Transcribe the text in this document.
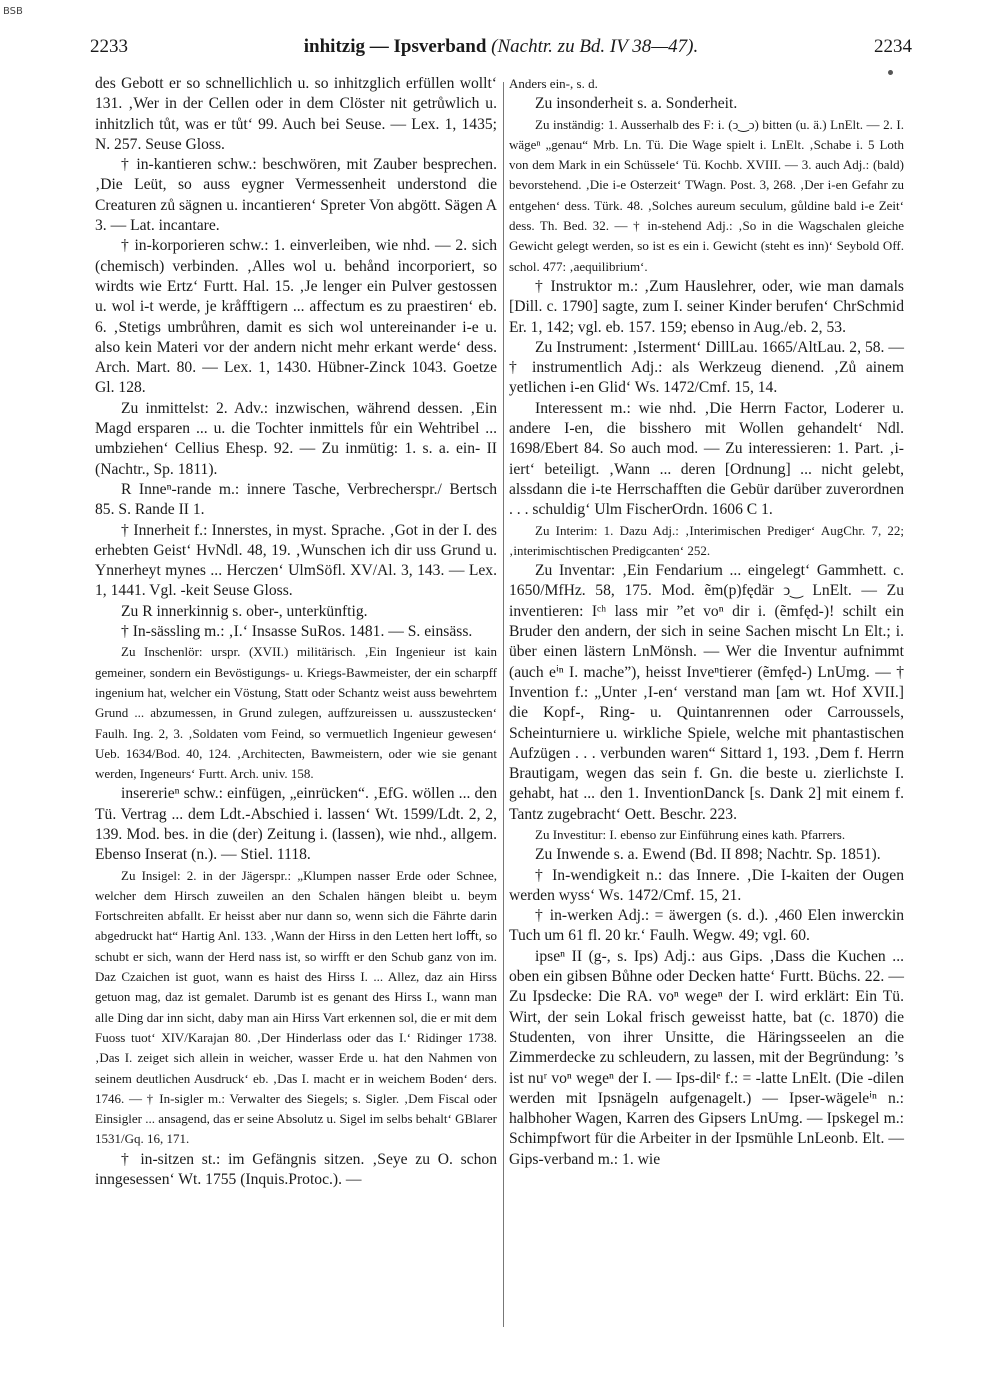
BSB
2233	inhitzig — Ipsverband (Nachtr. zu Bd. IV 38—47).	2234

des Gebott er so schnellichlich u. so inhitzglich erfüllen wollt‘ 131. ‚Wer in der Cellen oder in dem Clöster nit getrůwlich u. inhitzlich tůt, was er tůt‘ 99. Auch bei Seuse. — Lex. 1, 1435; N. 257. Seuse Gloss.

† in-kantieren schw.: beschwören, mit Zauber besprechen. ‚Die Leüt, so auss eygner Vermessenheit understond die Creaturen zů sägnen u. incantieren‘ Spreter Von abgött. Sägen A 3. — Lat. incantare.

† in-korporieren schw.: 1. einverleiben, wie nhd. — 2. sich (chemisch) verbinden. ‚Alles wol u. behånd incorporiert, so wirdts wie Ertz‘ Furtt. Hal. 15. ‚Je lenger ein Pulver gestossen u. wol i-t werde, je kråfftigern ... affectum es zu praestiren‘ eb. 6. ‚Stetigs umbrůhren, damit es sich wol untereinander i-e u. also kein Materi vor der andern nicht mehr erkant werde‘ dess. Arch. Mart. 80. — Lex. 1, 1430. Hübner-Zinck 1043. Goetze Gl. 128.

Zu inmittelst: 2. Adv.: inzwischen, während dessen. ‚Ein Magd ersparen ... u. die Tochter inmittels fůr ein Wehtribel ... umbziehen‘ Cellius Ehesp. 92. — Zu inmütig: 1. s. a. ein- II (Nachtr., Sp. 1811).

R Inneⁿ-rande m.: innere Tasche, Verbrecherspr./ Bertsch 85. S. Rande II 1.

† Innerheit f.: Innerstes, in myst. Sprache. ‚Got in der I. des erhebten Geist‘ HvNdl. 48, 19. ‚Wunschen ich dir uss Grund u. Ynnerheyt mynes ... Herczen‘ UlmSöfl. XV/Al. 3, 143. — Lex. 1, 1441. Vgl. -keit Seuse Gloss.

Zu R innerkinnig s. ober-, unterkünftig.

† In-sässling m.: ‚I.‘ Insasse SuRos. 1481. — S. einsäss.

Zu Inschenlör: urspr. (XVII.) militärisch. ‚Ein Ingenieur ist kain gemeiner, sondern ein Bevöstigungs- u. Kriegs-Bawmeister, der ein scharpff ingenium hat, welcher ein Vöstung, Statt oder Schantz weist auss bewehrtem Grund ... abzumessen, in Grund zulegen, auffzureissen u. ausszustecken‘ Faulh. Ing. 2, 3. ‚Soldaten vom Feind, so vermuetlich Ingenieur gewesen‘ Ueb. 1634/Bod. 40, 124. ‚Architecten, Bawmeistern, oder wie sie genant werden, Ingeneurs‘ Furtt. Arch. univ. 158.

insererieⁿ schw.: einfügen, „einrücken“. ‚EfG. wöllen ... den Tü. Vertrag ... dem Ldt.-Abschied i. lassen‘ Wt. 1599/Ldt. 2, 2, 139. Mod. bes. in die (der) Zeitung i. (lassen), wie nhd., allgem. Ebenso Inserat (n.). — Stiel. 1118.

Zu Insigel: 2. in der Jägerspr.: „Klumpen nasser Erde oder Schnee, welcher dem Hirsch zuweilen an den Schalen hängen bleibt u. beym Fortschreiten abfallt. Er heisst aber nur dann so, wenn sich die Fährte darin abgedruckt hat“ Hartig Anl. 133. ‚Wann der Hirss in den Letten hert loﬀt, so schubt er sich, wann der Herd nass ist, so wirfft er den Schub ganz von im. Daz Czaichen ist guot, wann es haist des Hirss I. ... Allez, daz ain Hirss getuon mag, daz ist gemalet. Darumb ist es genant des Hirss I., wann man alle Ding dar inn sicht, daby man ain Hirss Vart erkennen sol, die er mit dem Fuoss tuot‘ XIV/Karajan 80. ‚Der Hinderlass oder das I.‘ Ridinger 1738. ‚Das I. zeiget sich allein in weicher, wasser Erde u. hat den Nahmen von seinem deutlichen Ausdruck‘ eb. ‚Das I. macht er in weichem Boden‘ ders. 1746. — † In-sigler m.: Verwalter des Siegels; s. Sigler. ‚Dem Fiscal oder Einsigler ... ansagend, das er seine Absolutz u. Sigel im selbs behalt‘ GBlarer 1531/Gq. 16, 171.

† in-sitzen st.: im Gefängnis sitzen. ‚Seye zu O. schon inngesessen‘ Wt. 1755 (Inquis.Protoc.). —

Anders ein-, s. d.

Zu insonderheit s. a. Sonderheit.

Zu inständig: 1. Ausserhalb des F: i. (ↄ‿ↄ) bitten (u. ä.) LnElt. — 2. I. wägeⁿ „genau“ Mrb. Ln. Tü. Die Wage spielt i. LnElt. ‚Schabe i. 5 Loth von dem Mark in ein Schüssele‘ Tü. Kochb. XVIII. — 3. auch Adj.: (bald) bevorstehend. ‚Die i-e Osterzeit‘ TWagn. Post. 3, 268. ‚Der i-en Gefahr zu entgehen‘ dess. Türk. 48. ‚Solches aureum seculum, gůldine bald i-e Zeit‘ dess. Th. Bed. 32. — † in-stehend Adj.: ‚So in die Wagschalen gleiche Gewicht gelegt werden, so ist es ein i. Gewicht (steht es inn)‘ Seybold Off. schol. 477: ‚aequilibrium‘.

† Instruktor m.: ‚Zum Hauslehrer, oder, wie man damals [Dill. c. 1790] sagte, zum I. seiner Kinder berufen‘ ChrSchmid Er. 1, 142; vgl. eb. 157. 159; ebenso in Aug./eb. 2, 53.

Zu Instrument: ‚Isterment‘ DillLau. 1665/AltLau. 2, 58. — † instrumentlich Adj.: als Werkzeug dienend. ‚Zů ainem yetlichen i-en Glid‘ Ws. 1472/Cmf. 15, 14.

Interessent m.: wie nhd. ‚Die Herrn Factor, Loderer u. andere I-en, die bisshero mit Wollen gehandelt‘ Ndl. 1698/Ebert 84. So auch mod. — Zu interessieren: 1. Part. ‚i-iert‘ beteiligt. ‚Wann ... deren [Ordnung] ... nicht gelebt, alssdann die i-te Herrschafften die Gebür darüber zuverordnen . . . schuldig‘ Ulm FischerOrdn. 1606 C 1.

Zu Interim: 1. Dazu Adj.: ‚Interimischen Prediger‘ AugChr. 7, 22; ‚interimischtischen Predigcanten‘ 252.

Zu Inventar: ‚Ein Fendarium ... eingelegt‘ Gammhett. c. 1650/MfHz. 58, 175. Mod. ẽm(p)fędär ↄ‿ LnElt. — Zu inventieren: Iᶜʰ lass mir ”et voⁿ dir i. (ẽmfęd-)! schilt ein Bruder den andern, der sich in seine Sachen mischt Ln Elt.; i. über einen lästern LnMönsh. — Wer die Inventur aufnimmt (auch eⁱⁿ I. mache”), heisst Inveⁿtierer (ẽmfęd-) LnUmg. — † Invention f.: „Unter ‚I-en‘ verstand man [am wt. Hof XVII.] die Kopf-, Ring- u. Quintanrennen oder Carroussels, Scheinturniere u. wirkliche Spiele, welche mit phantastischen Aufzügen . . . verbunden waren“ Sittard 1, 193. ‚Dem f. Herrn Brautigam, wegen das sein f. Gn. die beste u. zierlichste I. gehabt, hat ... den 1. InventionDanck [s. Dank 2] mit einem f. Tantz zugebracht‘ Oett. Beschr. 223.

Zu Investitur: I. ebenso zur Einführung eines kath. Pfarrers.

Zu Inwende s. a. Ewend (Bd. II 898; Nachtr. Sp. 1851).

† In-wendigkeit n.: das Innere. ‚Die I-kaiten der Ougen werden wyss‘ Ws. 1472/Cmf. 15, 21.

† in-werken Adj.: = äwergen (s. d.). ‚460 Elen inwerckin Tuch um 61 fl. 20 kr.‘ Faulh. Wegw. 49; vgl. 60.

ipseⁿ II (g-, s. Ips) Adj.: aus Gips. ‚Dass die Kuchen ... oben ein gibsen Bůhne oder Decken hatte‘ Furtt. Büchs. 22. — Zu Ipsdecke: Die RA. voⁿ wegeⁿ der I. wird erklärt: Ein Tü. Wirt, der sein Lokal frisch geweisst hatte, bat (c. 1870) die Studenten, von ihrer Unsitte, die Häringsseelen an die Zimmerdecke zu schleudern, zu lassen, mit der Begründung: ’s ist nuʳ voⁿ wegeⁿ der I. — Ips-dilᵉ f.: = -latte LnElt. (Die -dilen werden mit Ipsnägeln aufgenagelt.) — Ipser-wägeleⁱⁿ n.: halbhoher Wagen, Karren des Gipsers LnUmg. — Ipskegel m.: Schimpfwort für die Arbeiter in der Ipsmühle LnLeonb. Elt. — Gips-verband m.: 1. wie
